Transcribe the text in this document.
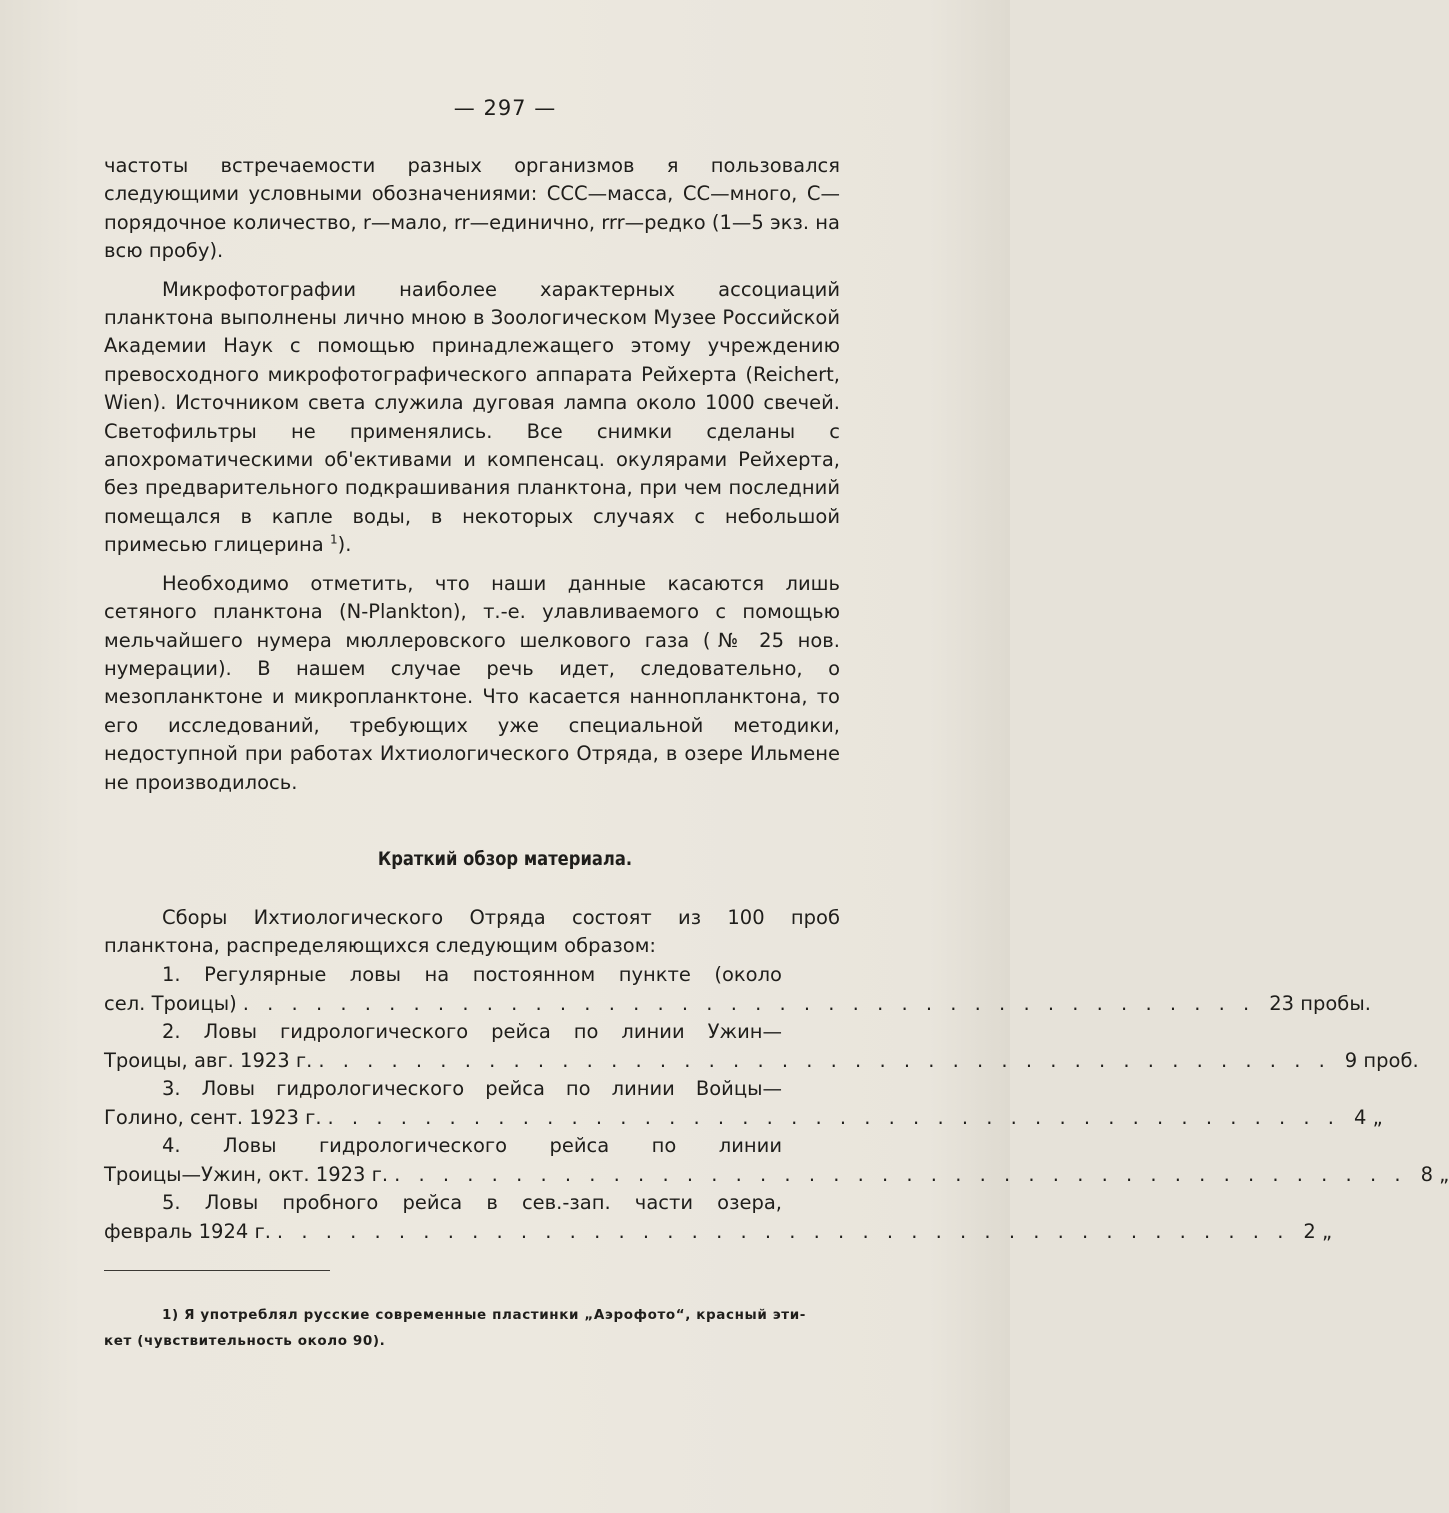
— 297 —

частоты встречаемости разных организмов я пользовался следующими условными обозначениями: ССС—масса, СС—много, С—порядочное количество, r—мало, rr—единично, rrr—редко (1—5 экз. на всю пробу).

Микрофотографии наиболее характерных ассоциаций планктона выполнены лично мною в Зоологическом Музее Российской Академии Наук с помощью принадлежащего этому учреждению превосходного микрофотографического аппарата Рейхерта (Reichert, Wien). Источником света служила дуговая лампа около 1000 свечей. Светофильтры не применялись. Все снимки сделаны с апохроматическими об'ективами и компенсац. окулярами Рейхерта, без предварительного подкрашивания планктона, при чем последний помещался в капле воды, в некоторых случаях с небольшой примесью глицерина $^1$).

Необходимо отметить, что наши данные касаются лишь сетяного планктона (N-Plankton), т.-е. улавливаемого с помощью мельчайшего нумера мюллеровского шелкового газа (№ 25 нов. нумерации). В нашем случае речь идет, следовательно, о мезопланктоне и микропланктоне. Что касается наннопланктона, то его исследований, требующих уже специальной методики, недоступной при работах Ихтиологического Отряда, в озере Ильмене не производилось.

Краткий обзор материала.

Сборы Ихтиологического Отряда состоят из 100 проб планктона, распределяющихся следующим образом:

1. Регулярные ловы на постоянном пункте (около
сел. Троицы) . . . . . . . . . . . . . . . . . . . . . . . . . . . . . . . . . . . . . . . . . . 23 пробы.
2. Ловы гидрологического рейса по линии Ужин—
Троицы, авг. 1923 г. . . . . . . . . . . . . . . . . . . . . . . . . . . . . . . . . . . . . . . . . . . 9 проб.
3. Ловы гидрологического рейса по линии Войцы—
Голино, сент. 1923 г. . . . . . . . . . . . . . . . . . . . . . . . . . . . . . . . . . . . . . . . . . . 4 „
4. Ловы гидрологического рейса по линии
Троицы—Ужин, окт. 1923 г. . . . . . . . . . . . . . . . . . . . . . . . . . . . . . . . . . . . . . . . . . . 8 „
5. Ловы пробного рейса в сев.-зап. части озера,
февраль 1924 г. . . . . . . . . . . . . . . . . . . . . . . . . . . . . . . . . . . . . . . . . . . 2 „
1) Я употреблял русские современные пластинки „Аэрофото“, красный эти-
кет (чувствительность около 90).
